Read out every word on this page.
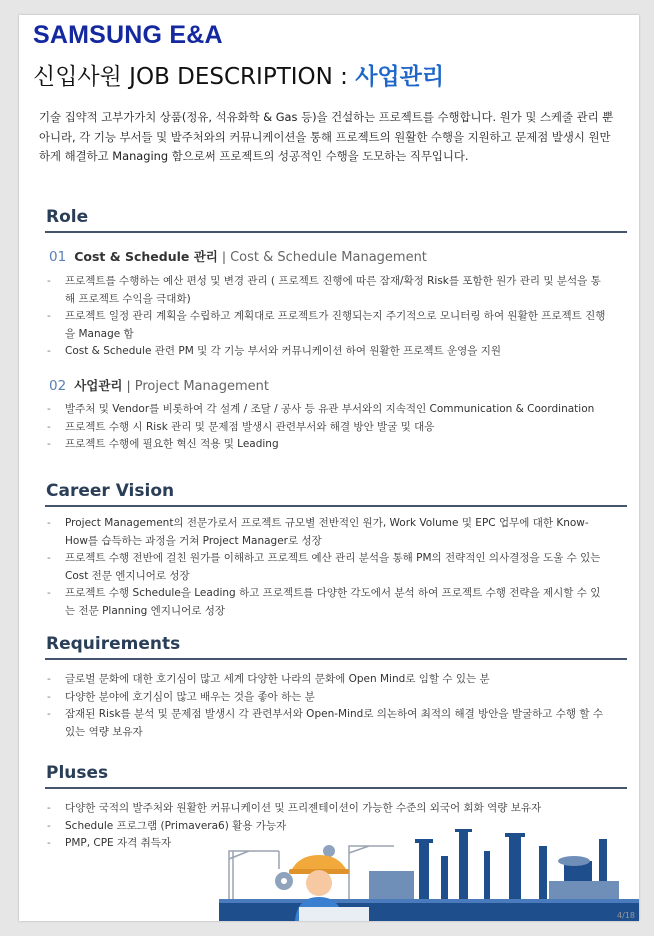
SAMSUNG E&A
신입사원 JOB DESCRIPTION : 사업관리
기술 집약적 고부가가치 상품(정유, 석유화학 & Gas 등)을 건설하는 프로젝트를 수행합니다. 원가 및 스케줄 관리 뿐 아니라, 각 기능 부서들 및 발주처와의 커뮤니케이션을 통해 프로젝트의 원활한 수행을 지원하고 문제점 발생시 원만하게 해결하고 Managing 함으로써 프로젝트의 성공적인 수행을 도모하는 직무입니다.
Role
01 Cost & Schedule 관리 | Cost & Schedule Management
- 프로젝트를 수행하는 예산 편성 및 변경 관리 ( 프로젝트 진행에 따른 잠재/확정 Risk를 포함한 원가 관리 및 분석을 통해 프로젝트 수익을 극대화)
- 프로젝트 일정 관리 계획을 수립하고 계획대로 프로젝트가 진행되는지 주기적으로 모니터링 하여 원활한 프로젝트 진행을 Manage 함
- Cost & Schedule 관련 PM 및 각 기능 부서와 커뮤니케이션 하여 원활한 프로젝트 운영을 지원
02 사업관리 | Project Management
- 발주처 및 Vendor를 비롯하여 각 설계 / 조달 / 공사 등 유관 부서와의 지속적인 Communication & Coordination
- 프로젝트 수행 시 Risk 관리 및 문제점 발생시 관련부서와 해결 방안 발굴 및 대응
- 프로젝트 수행에 필요한 혁신 적용 및 Leading
Career Vision
- Project Management의 전문가로서 프로젝트 규모별 전반적인 원가, Work Volume 및 EPC 업무에 대한 Know-How를 습득하는 과정을 거쳐 Project Manager로 성장
- 프로젝트 수행 전반에 걸친 원가를 이해하고 프로젝트 예산 관리 분석을 통해 PM의 전략적인 의사결정을 도울 수 있는 Cost 전문 엔지니어로 성장
- 프로젝트 수행 Schedule을 Leading 하고 프로젝트를 다양한 각도에서 분석 하여 프로젝트 수행 전략을 제시할 수 있는 전문 Planning 엔지니어로 성장
Requirements
- 글로벌 문화에 대한 호기심이 많고 세계 다양한 나라의 문화에 Open Mind로 임할 수 있는 분
- 다양한 분야에 호기심이 많고 배우는 것을 좋아 하는 분
- 잠재된 Risk를 분석 및 문제점 발생시 각 관련부서와 Open-Mind로 의논하여 최적의 해결 방안을 발굴하고 수행 할 수 있는 역량 보유자
Pluses
- 다양한 국적의 발주처와 원활한 커뮤니케이션 및 프리젠테이션이 가능한 수준의 외국어 회화 역량 보유자
- Schedule 프로그램 (Primavera6) 활용 가능자
- PMP, CPE 자격 취득자
4/18
